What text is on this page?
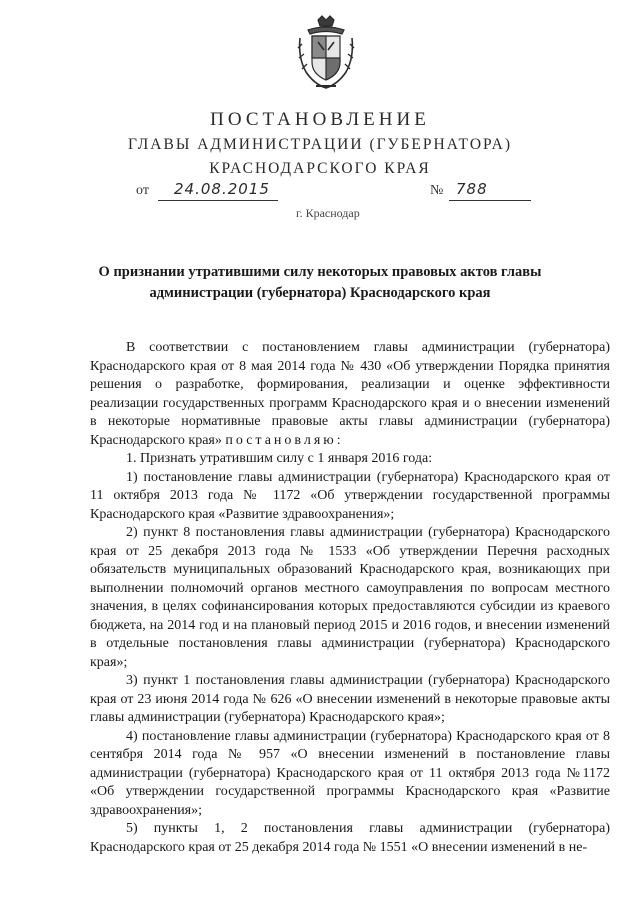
ПОСТАНОВЛЕНИЕ
ГЛАВЫ АДМИНИСТРАЦИИ (ГУБЕРНАТОРА)
КРАСНОДАРСКОГО КРАЯ
от 24.08.2015	№ 788
г. Краснодар
О признании утратившими силу некоторых правовых актов главы администрации (губернатора) Краснодарского края

В соответствии с постановлением главы администрации (губернатора) Краснодарского края от 8 мая 2014 года № 430 «Об утверждении Порядка принятия решения о разработке, формирования, реализации и оценке эффективности реализации государственных программ Краснодарского края и о внесении изменений в некоторые нормативные правовые акты главы администрации (губернатора) Краснодарского края» постановляю:

1. Признать утратившим силу с 1 января 2016 года:

1) постановление главы администрации (губернатора) Краснодарского края от 11 октября 2013 года № 1172 «Об утверждении государственной программы Краснодарского края «Развитие здравоохранения»;

2) пункт 8 постановления главы администрации (губернатора) Краснодарского края от 25 декабря 2013 года № 1533 «Об утверждении Перечня расходных обязательств муниципальных образований Краснодарского края, возникающих при выполнении полномочий органов местного самоуправления по вопросам местного значения, в целях софинансирования которых предоставляются субсидии из краевого бюджета, на 2014 год и на плановый период 2015 и 2016 годов, и внесении изменений в отдельные постановления главы администрации (губернатора) Краснодарского края»;

3) пункт 1 постановления главы администрации (губернатора) Краснодарского края от 23 июня 2014 года № 626 «О внесении изменений в некоторые правовые акты главы администрации (губернатора) Краснодарского края»;

4) постановление главы администрации (губернатора) Краснодарского края от 8 сентября 2014 года № 957 «О внесении изменений в постановление главы администрации (губернатора) Краснодарского края от 11 октября 2013 года №1172 «Об утверждении государственной программы Краснодарского края «Развитие здравоохранения»;

5) пункты 1, 2 постановления главы администрации (губернатора) Краснодарского края от 25 декабря 2014 года № 1551 «О внесении изменений в не-
